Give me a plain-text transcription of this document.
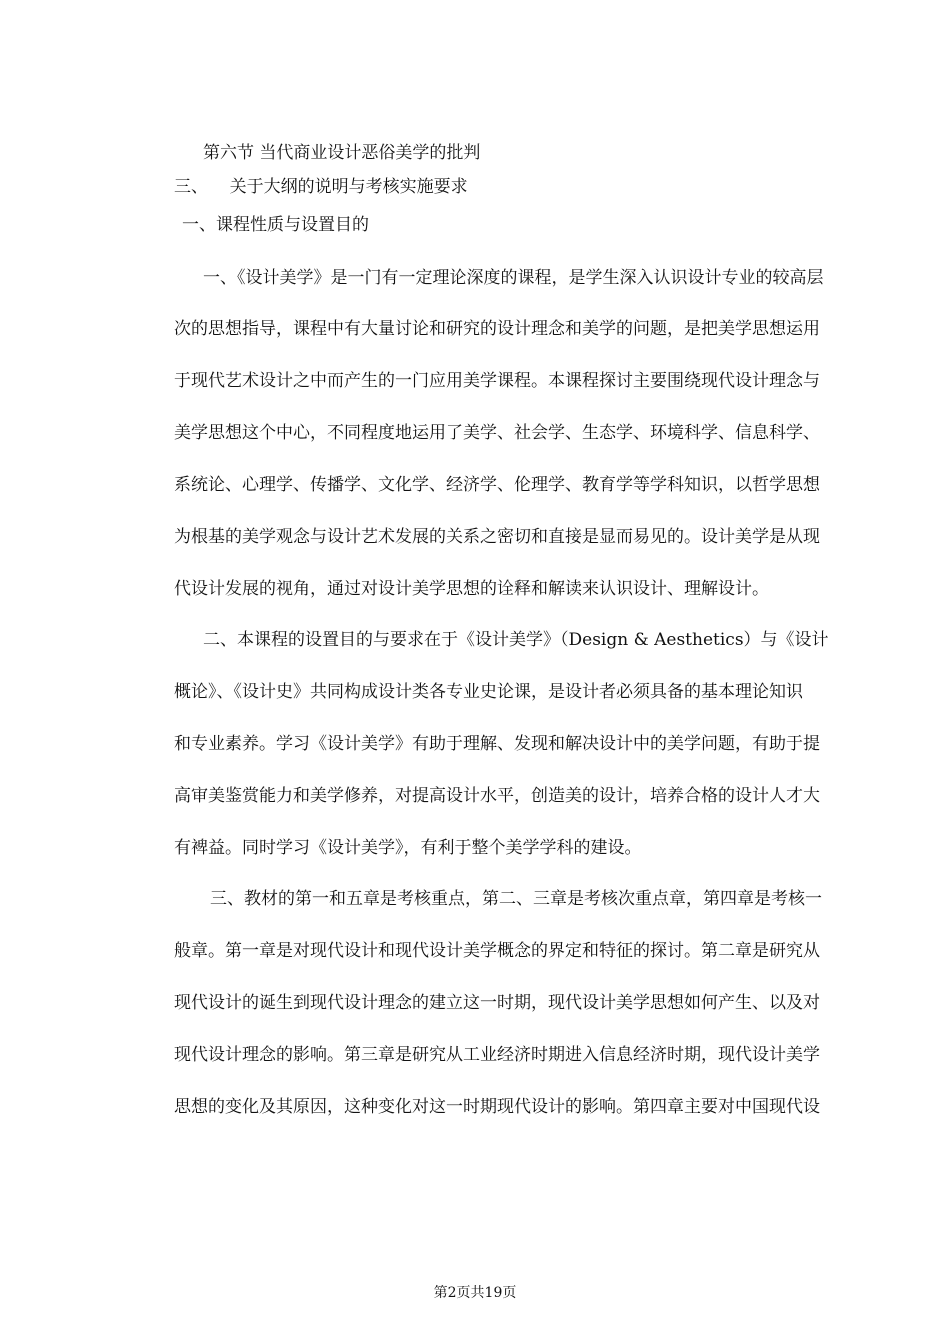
第六节 当代商业设计恶俗美学的批判
三、    关于大纲的说明与考核实施要求
一、课程性质与设置目的
一、《设计美学》是一门有一定理论深度的课程，是学生深入认识设计专业的较高层
次的思想指导，课程中有大量讨论和研究的设计理念和美学的问题，是把美学思想运用
于现代艺术设计之中而产生的一门应用美学课程。本课程探讨主要围绕现代设计理念与
美学思想这个中心，不同程度地运用了美学、社会学、生态学、环境科学、信息科学、
系统论、心理学、传播学、文化学、经济学、伦理学、教育学等学科知识，以哲学思想
为根基的美学观念与设计艺术发展的关系之密切和直接是显而易见的。设计美学是从现
代设计发展的视角，通过对设计美学思想的诠释和解读来认识设计、理解设计。
二、本课程的设置目的与要求在于《设计美学》（Design & Aesthetics）与《设计
概论》、《设计史》共同构成设计类各专业史论课，是设计者必须具备的基本理论知识
和专业素养。学习《设计美学》有助于理解、发现和解决设计中的美学问题，有助于提
高审美鉴赏能力和美学修养，对提高设计水平，创造美的设计，培养合格的设计人才大
有裨益。同时学习《设计美学》，有利于整个美学学科的建设。
三、教材的第一和五章是考核重点，第二、三章是考核次重点章，第四章是考核一
般章。第一章是对现代设计和现代设计美学概念的界定和特征的探讨。第二章是研究从
现代设计的诞生到现代设计理念的建立这一时期，现代设计美学思想如何产生、以及对
现代设计理念的影响。第三章是研究从工业经济时期进入信息经济时期，现代设计美学
思想的变化及其原因，这种变化对这一时期现代设计的影响。第四章主要对中国现代设
第2页共19页
